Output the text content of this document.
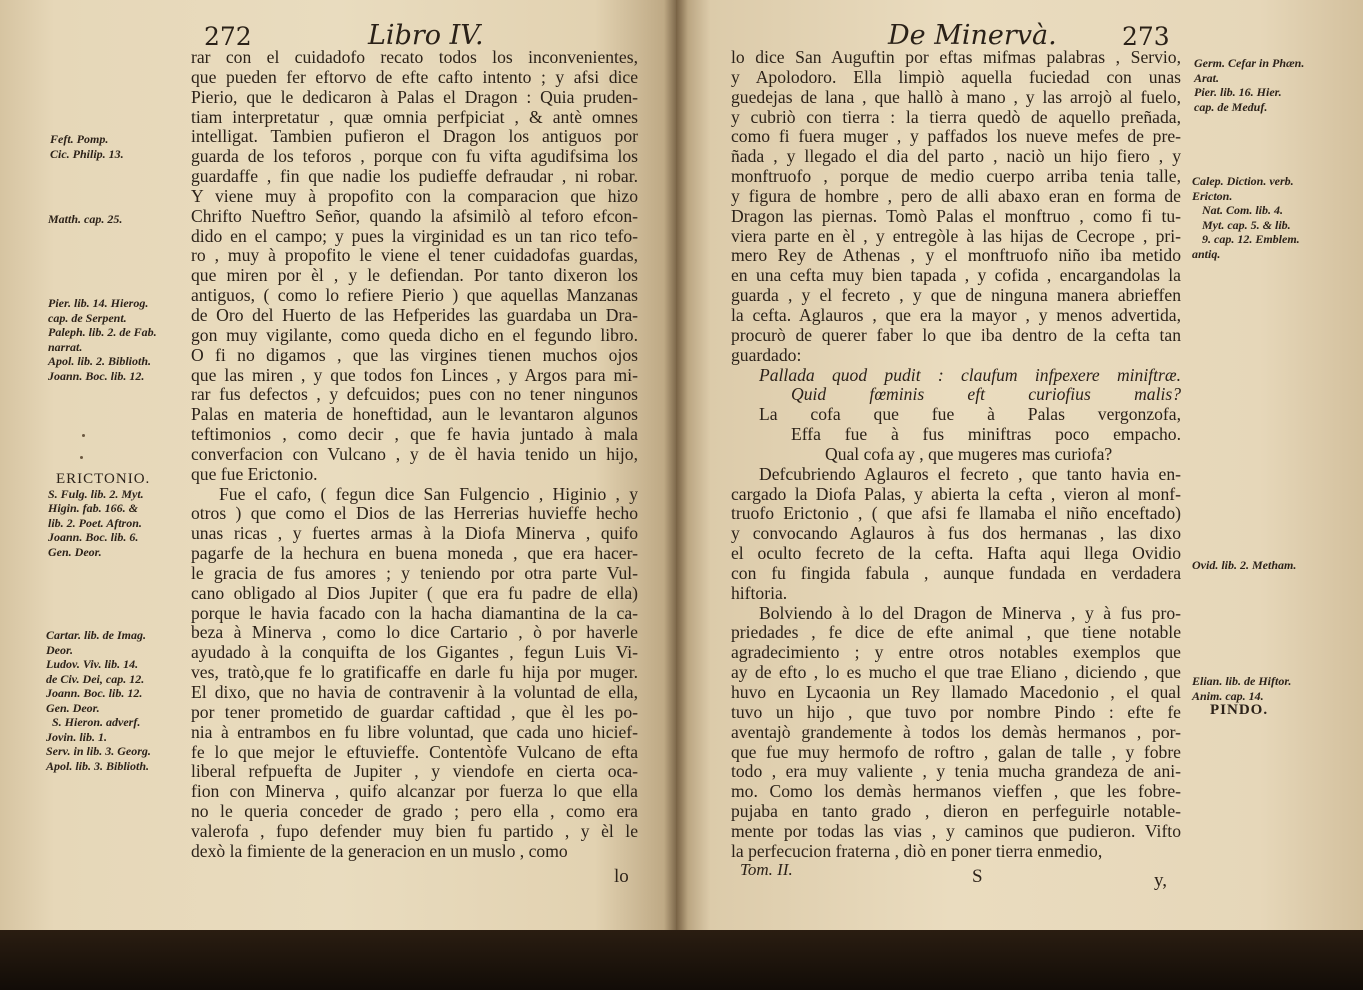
272	Libro IV.
rar con el cuidadofo recato todos los inconvenientes,
que pueden fer eftorvo de efte cafto intento ; y afsi dice
Pierio, que le dedicaron à Palas el Dragon : Quia pruden-
tiam interpretatur , quæ omnia perfpiciat , & antè omnes
intelligat. Tambien pufieron el Dragon los antiguos por
guarda de los teforos , porque con fu vifta agudifsima los
guardaffe , fin que nadie los pudieffe defraudar , ni robar.
Y viene muy à propofito con la comparacion que hizo
Chrifto Nueftro Señor, quando la afsimilò al teforo efcon-
dido en el campo; y pues la virginidad es un tan rico tefo-
ro , muy à propofito le viene el tener cuidadofas guardas,
que miren por èl , y le defiendan. Por tanto dixeron los
antiguos, ( como lo refiere Pierio ) que aquellas Manzanas
de Oro del Huerto de las Hefperides las guardaba un Dra-
gon muy vigilante, como queda dicho en el fegundo libro.
O fi no digamos , que las virgines tienen muchos ojos
que las miren , y que todos fon Linces , y Argos para mi-
rar fus defectos , y defcuidos; pues con no tener ningunos
Palas en materia de honeftidad, aun le levantaron algunos
teftimonios , como decir , que fe havia juntado à mala
converfacion con Vulcano , y de èl havia tenido un hijo,
que fue Erictonio.
Fue el cafo, ( fegun dice San Fulgencio , Higinio , y
otros ) que como el Dios de las Herrerias huvieffe hecho
unas ricas , y fuertes armas à la Diofa Minerva , quifo
pagarfe de la hechura en buena moneda , que era hacer-
le gracia de fus amores ; y teniendo por otra parte Vul-
cano obligado al Dios Jupiter ( que era fu padre de ella)
porque le havia facado con la hacha diamantina de la ca-
beza à Minerva , como lo dice Cartario , ò por haverle
ayudado à la conquifta de los Gigantes , fegun Luis Vi-
ves, tratò,que fe lo gratificaffe en darle fu hija por muger.
El dixo, que no havia de contravenir à la voluntad de ella,
por tener prometido de guardar caftidad , que èl les po-
nia à entrambos en fu libre voluntad, que cada uno hicief-
fe lo que mejor le eftuvieffe. Contentòfe Vulcano de efta
liberal refpuefta de Jupiter , y viendofe en cierta oca-
fion con Minerva , quifo alcanzar por fuerza lo que ella
no le queria conceder de grado ; pero ella , como era
valerofa , fupo defender muy bien fu partido , y èl le
dexò la fimiente de la generacion en un muslo , como
lo
Feft. Pomp.
Cic. Philip. 13.
Matth. cap. 25.
Pier. lib. 14. Hierog.
cap. de Serpent.
Paleph. lib. 2. de Fab.
narrat.
Apol. lib. 2. Biblioth.
Joann. Boc. lib. 12.
ERICTONIO.
S. Fulg. lib. 2. Myt.
Higin. fab. 166. &
lib. 2. Poet. Aftron.
Joann. Boc. lib. 6.
Gen. Deor.
Cartar. lib. de Imag.
Deor.
Ludov. Viv. lib. 14.
de Civ. Dei, cap. 12.
Joann. Boc. lib. 12.
Gen. Deor.
S. Hieron. adverf.
Jovin. lib. 1.
Serv. in lib. 3. Georg.
Apol. lib. 3. Biblioth.
De Minervà.	273
lo dice San Auguftin por eftas mifmas palabras , Servio,
y Apolodoro. Ella limpiò aquella fuciedad con unas
guedejas de lana , que hallò à mano , y las arrojò al fuelo,
y cubriò con tierra : la tierra quedò de aquello preñada,
como fi fuera muger , y paffados los nueve mefes de pre-
ñada , y llegado el dia del parto , naciò un hijo fiero , y
monftruofo , porque de medio cuerpo arriba tenia talle,
y figura de hombre , pero de alli abaxo eran en forma de
Dragon las piernas. Tomò Palas el monftruo , como fi tu-
viera parte en èl , y entregòle à las hijas de Cecrope , pri-
mero Rey de Athenas , y el monftruofo niño iba metido
en una cefta muy bien tapada , y cofida , encargandolas la
guarda , y el fecreto , y que de ninguna manera abrieffen
la cefta. Aglauros , que era la mayor , y menos advertida,
procurò de querer faber lo que iba dentro de la cefta tan
guardado:
Pallada quod pudit : claufum infpexere miniftræ.
Quid fœminis eft curiofius malis?
La cofa que fue à Palas vergonzofa,
Effa fue à fus miniftras poco empacho.
Qual cofa ay , que mugeres mas curiofa?
Defcubriendo Aglauros el fecreto , que tanto havia en-
cargado la Diofa Palas, y abierta la cefta , vieron al monf-
truofo Erictonio , ( que afsi fe llamaba el niño enceftado)
y convocando Aglauros à fus dos hermanas , las dixo
el oculto fecreto de la cefta. Hafta aqui llega Ovidio
con fu fingida fabula , aunque fundada en verdadera
hiftoria.
Bolviendo à lo del Dragon de Minerva , y à fus pro-
priedades , fe dice de efte animal , que tiene notable
agradecimiento ; y entre otros notables exemplos que
ay de efto , lo es mucho el que trae Eliano , diciendo , que
huvo en Lycaonia un Rey llamado Macedonio , el qual
tuvo un hijo , que tuvo por nombre Pindo : efte fe
aventajò grandemente à todos los demàs hermanos , por-
que fue muy hermofo de roftro , galan de talle , y fobre
todo , era muy valiente , y tenia mucha grandeza de ani-
mo. Como los demàs hermanos vieffen , que les fobre-
pujaba en tanto grado , dieron en perfeguirle notable-
mente por todas las vias , y caminos que pudieron. Vifto
la perfecucion fraterna , diò en poner tierra enmedio,
Tom. II.	S	y,
Germ. Cefar in Phæn.
Arat.
Pier. lib. 16. Hier.
cap. de Meduf.
Calep. Diction. verb.
Ericton.
Nat. Com. lib. 4.
Myt. cap. 5. & lib.
9. cap. 12. Emblem.
antiq.
Ovid. lib. 2. Metham.
Elian. lib. de Hiftor.
Anim. cap. 14.
PINDO.
